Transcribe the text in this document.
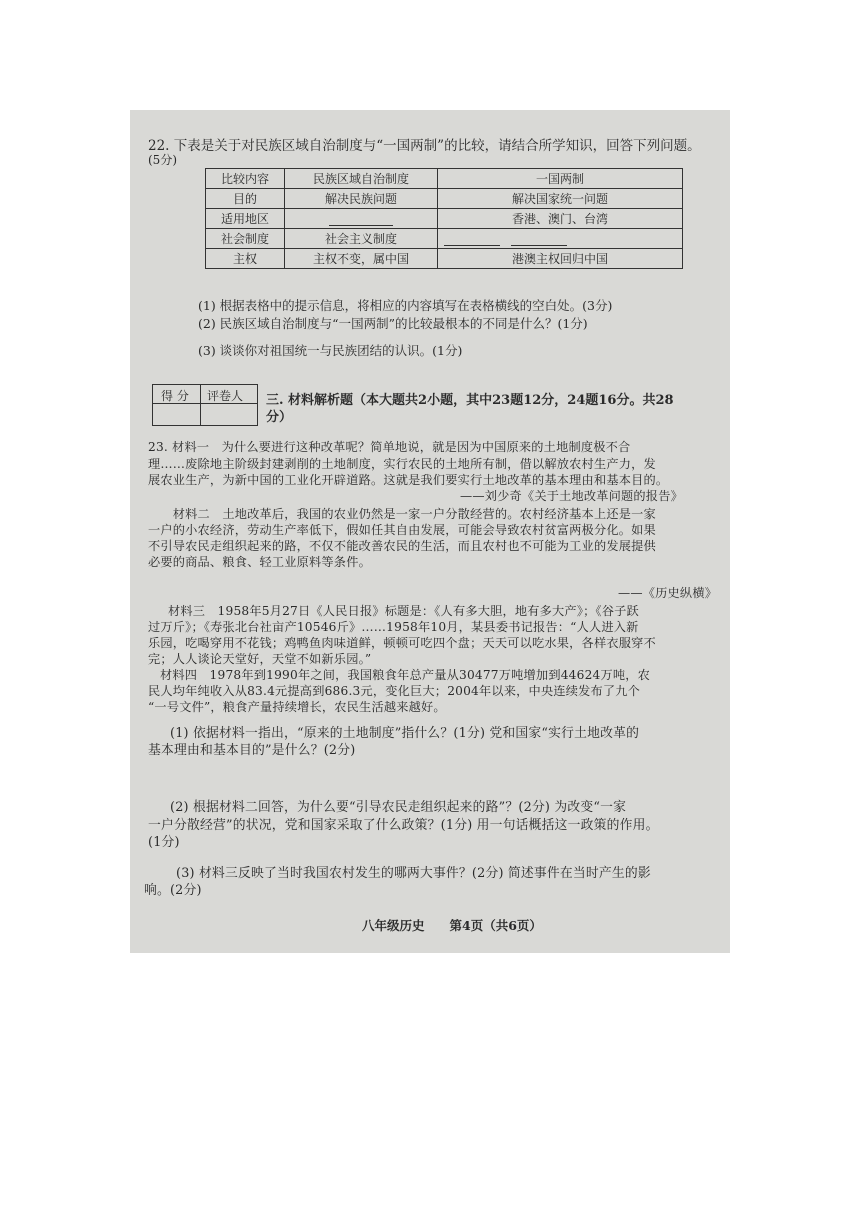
22. 下表是关于对民族区域自治制度与“一国两制”的比较，请结合所学知识，回答下列问题。
(5分)
比较内容	民族区域自治制度	一国两制
目的	解决民族问题	解决国家统一问题
适用地区		香港、澳门、台湾
社会制度	社会主义制度	
主权	主权不变，属中国	港澳主权回归中国
(1) 根据表格中的提示信息，将相应的内容填写在表格横线的空白处。(3分)
(2) 民族区域自治制度与“一国两制”的比较最根本的不同是什么？(1分)
(3) 谈谈你对祖国统一与民族团结的认识。(1分)
得 分 评卷人 三. 材料解析题（本大题共2小题，其中23题12分，24题16分。共28
分）
23. 材料一　为什么要进行这种改革呢？简单地说，就是因为中国原来的土地制度极不合
理……废除地主阶级封建剥削的土地制度，实行农民的土地所有制，借以解放农村生产力，发
展农业生产，为新中国的工业化开辟道路。这就是我们要实行土地改革的基本理由和基本目的。
——刘少奇《关于土地改革问题的报告》
　　材料二　土地改革后，我国的农业仍然是一家一户分散经营的。农村经济基本上还是一家
一户的小农经济，劳动生产率低下，假如任其自由发展，可能会导致农村贫富两极分化。如果
不引导农民走组织起来的路，不仅不能改善农民的生活，而且农村也不可能为工业的发展提供
必要的商品、粮食、轻工业原料等条件。
——《历史纵横》
材料三　1958年5月27日《人民日报》标题是：《人有多大胆，地有多大产》；《谷子跃
过万斤》；《寿张北台社亩产10546斤》……1958年10月，某县委书记报告：“人人进入新
乐园，吃喝穿用不花钱；鸡鸭鱼肉味道鲜，顿顿可吃四个盘；天天可以吃水果，各样衣服穿不
完；人人谈论天堂好，天堂不如新乐园。”
材料四　1978年到1990年之间，我国粮食年总产量从30477万吨增加到44624万吨，农
民人均年纯收入从83.4元提高到686.3元，变化巨大；2004年以来，中央连续发布了九个
“一号文件”，粮食产量持续增长，农民生活越来越好。
(1) 依据材料一指出，“原来的土地制度”指什么？(1分) 党和国家“实行土地改革的
基本理由和基本目的”是什么？(2分)
(2) 根据材料二回答，为什么要“引导农民走组织起来的路”？(2分) 为改变“一家
一户分散经营”的状况，党和国家采取了什么政策？(1分) 用一句话概括这一政策的作用。
(1分)
(3) 材料三反映了当时我国农村发生的哪两大事件？(2分) 简述事件在当时产生的影
响。(2分)
八年级历史　　第4页（共6页）
